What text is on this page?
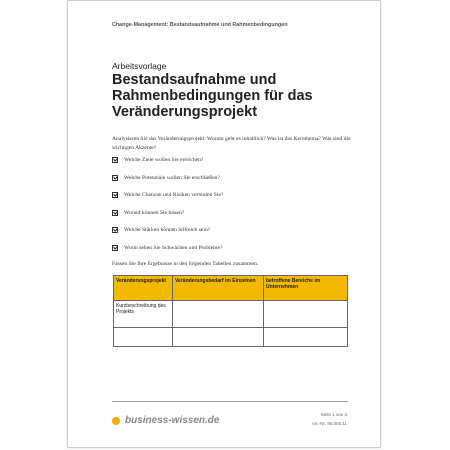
Change-Management: Bestandsaufnahme und Rahmenbedingungen
Arbeitsvorlage
Bestandsaufnahme und Rahmenbedingungen für das Veränderungsprojekt
Analysieren Sie das Veränderungsprojekt. Worum geht es inhaltlich? Was ist das Kernthema? Was sind die wichtigen Akzente?
Welche Ziele wollen Sie erreichen?
Welche Potenziale wollen Sie erschließen?
Welche Chancen und Risiken vermuten Sie?
Worauf können Sie bauen?
Welche Stärken können hilfreich sein?
Worin sehen Sie Schwächen und Probleme?
Fassen Sie Ihre Ergebnisse in den folgenden Tabellen zusammen.
Veränderungsprojekt	Veränderungsbedarf im Einzelnen	betroffene Bereiche im Unternehmen
Kurzbeschreibung des Projekts		

business-wissen.de
Seite 1 von 3
Art.-Nr. 96.004.11
